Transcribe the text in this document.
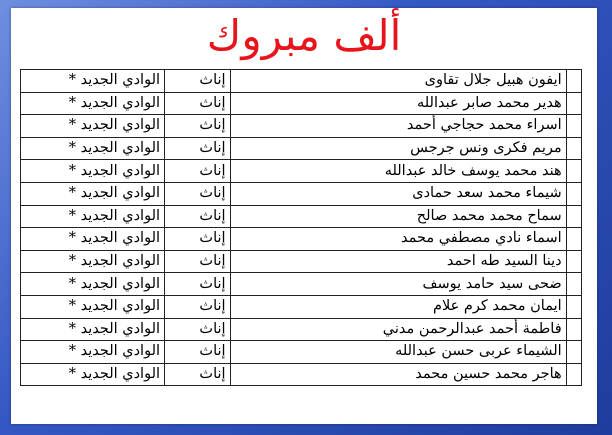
ألف مبروك
	ايفون هبيل جلال تقاوى	إناث	الوادي الجديد *
	هدير محمد صابر عبدالله	إناث	الوادي الجديد *
	اسراء محمد حجاجي أحمد	إناث	الوادي الجديد *
	مريم فكرى ونس جرجس	إناث	الوادي الجديد *
	هند محمد يوسف خالد عبدالله	إناث	الوادي الجديد *
	شيماء محمد سعد حمادى	إناث	الوادي الجديد *
	سماح محمد محمد صالح	إناث	الوادي الجديد *
	اسماء نادي مصطفي محمد	إناث	الوادي الجديد *
	دينا السيد طه احمد	إناث	الوادي الجديد *
	ضحى سيد حامد يوسف	إناث	الوادي الجديد *
	ايمان محمد كرم علام	إناث	الوادي الجديد *
	فاطمة أحمد عبدالرحمن مدني	إناث	الوادي الجديد *
	الشيماء عربى حسن عبدالله	إناث	الوادي الجديد *
	هاجر محمد حسين محمد	إناث	الوادي الجديد *
